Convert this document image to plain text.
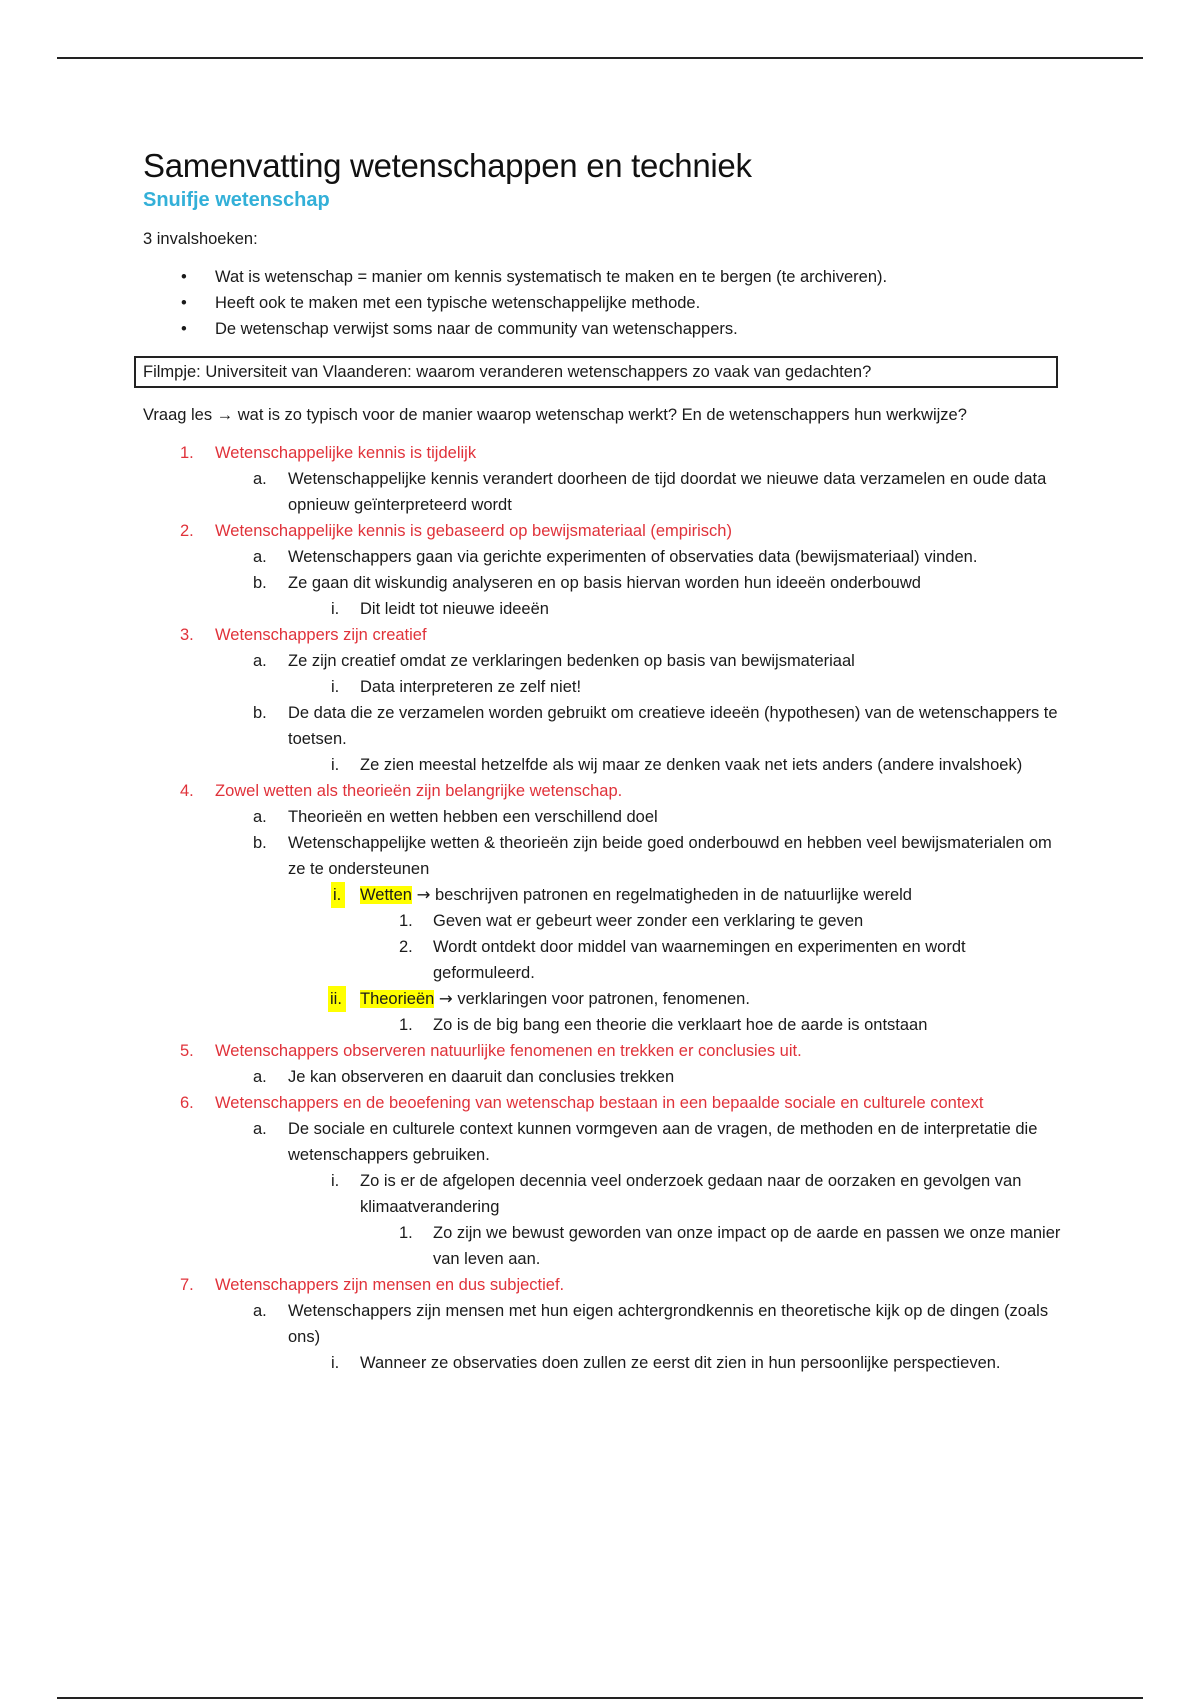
Samenvatting wetenschappen en techniek
Snuifje wetenschap
3 invalshoeken:
• Wat is wetenschap = manier om kennis systematisch te maken en te bergen (te archiveren).
• Heeft ook te maken met een typische wetenschappelijke methode.
• De wetenschap verwijst soms naar de community van wetenschappers.
Filmpje: Universiteit van Vlaanderen: waarom veranderen wetenschappers zo vaak van gedachten?
Vraag les → wat is zo typisch voor de manier waarop wetenschap werkt? En de wetenschappers hun werkwijze?
1. Wetenschappelijke kennis is tijdelijk
a. Wetenschappelijke kennis verandert doorheen de tijd doordat we nieuwe data verzamelen en oude data opnieuw geïnterpreteerd wordt
2. Wetenschappelijke kennis is gebaseerd op bewijsmateriaal (empirisch)
a. Wetenschappers gaan via gerichte experimenten of observaties data (bewijsmateriaal) vinden.
b. Ze gaan dit wiskundig analyseren en op basis hiervan worden hun ideeën onderbouwd
i. Dit leidt tot nieuwe ideeën
3. Wetenschappers zijn creatief
a. Ze zijn creatief omdat ze verklaringen bedenken op basis van bewijsmateriaal
i. Data interpreteren ze zelf niet!
b. De data die ze verzamelen worden gebruikt om creatieve ideeën (hypothesen) van de wetenschappers te toetsen.
i. Ze zien meestal hetzelfde als wij maar ze denken vaak net iets anders (andere invalshoek)
4. Zowel wetten als theorieën zijn belangrijke wetenschap.
a. Theorieën en wetten hebben een verschillend doel
b. Wetenschappelijke wetten & theorieën zijn beide goed onderbouwd en hebben veel bewijsmaterialen om ze te ondersteunen
i. Wetten → beschrijven patronen en regelmatigheden in de natuurlijke wereld
1. Geven wat er gebeurt weer zonder een verklaring te geven
2. Wordt ontdekt door middel van waarnemingen en experimenten en wordt geformuleerd.
ii. Theorieën → verklaringen voor patronen, fenomenen.
1. Zo is de big bang een theorie die verklaart hoe de aarde is ontstaan
5. Wetenschappers observeren natuurlijke fenomenen en trekken er conclusies uit.
a. Je kan observeren en daaruit dan conclusies trekken
6. Wetenschappers en de beoefening van wetenschap bestaan in een bepaalde sociale en culturele context
a. De sociale en culturele context kunnen vormgeven aan de vragen, de methoden en de interpretatie die wetenschappers gebruiken.
i. Zo is er de afgelopen decennia veel onderzoek gedaan naar de oorzaken en gevolgen van klimaatverandering
1. Zo zijn we bewust geworden van onze impact op de aarde en passen we onze manier van leven aan.
7. Wetenschappers zijn mensen en dus subjectief.
a. Wetenschappers zijn mensen met hun eigen achtergrondkennis en theoretische kijk op de dingen (zoals ons)
i. Wanneer ze observaties doen zullen ze eerst dit zien in hun persoonlijke perspectieven.
